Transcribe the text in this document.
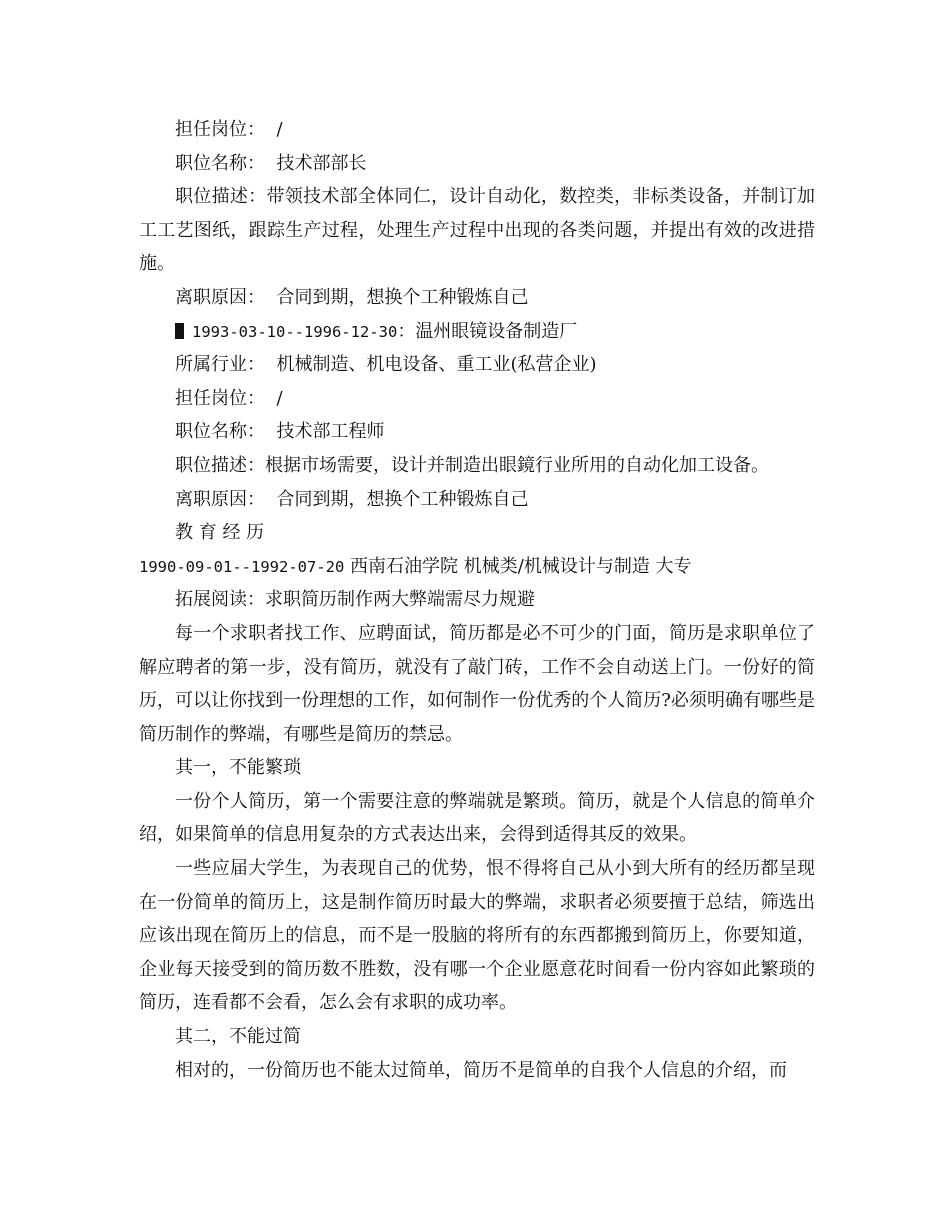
担任岗位： /
职位名称： 技术部部长

职位描述：带领技术部全体同仁，设计自动化，数控类，非标类设备，并制订加工工艺图纸，跟踪生产过程，处理生产过程中出现的各类问题，并提出有效的改进措施。

离职原因： 合同到期，想换个工种锻炼自己
1993-03-10--1996-12-30：温州眼镜设备制造厂
所属行业： 机械制造、机电设备、重工业(私营企业)
担任岗位： /
职位名称： 技术部工程师

职位描述：根据市场需要，设计并制造出眼鏡行业所用的自动化加工设备。

离职原因： 合同到期，想换个工种锻炼自己
教 育 经 历
1990-09-01--1992-07-20 西南石油学院 机械类/机械设计与制造 大专
拓展阅读：求职简历制作两大弊端需尽力规避

每一个求职者找工作、应聘面试，简历都是必不可少的门面，简历是求职单位了解应聘者的第一步，没有简历，就没有了敲门砖，工作不会自动送上门。一份好的简历，可以让你找到一份理想的工作，如何制作一份优秀的个人简历?必须明确有哪些是简历制作的弊端，有哪些是简历的禁忌。

其一，不能繁琐

一份个人简历，第一个需要注意的弊端就是繁琐。简历，就是个人信息的简单介绍，如果简单的信息用复杂的方式表达出来，会得到适得其反的效果。

一些应届大学生，为表现自己的优势，恨不得将自己从小到大所有的经历都呈现在一份简单的简历上，这是制作简历时最大的弊端，求职者必须要擅于总结，筛选出应该出现在简历上的信息，而不是一股脑的将所有的东西都搬到简历上，你要知道，企业每天接受到的简历数不胜数，没有哪一个企业愿意花时间看一份内容如此繁琐的简历，连看都不会看，怎么会有求职的成功率。

其二，不能过简

相对的，一份简历也不能太过简单，简历不是简单的自我个人信息的介绍，而
